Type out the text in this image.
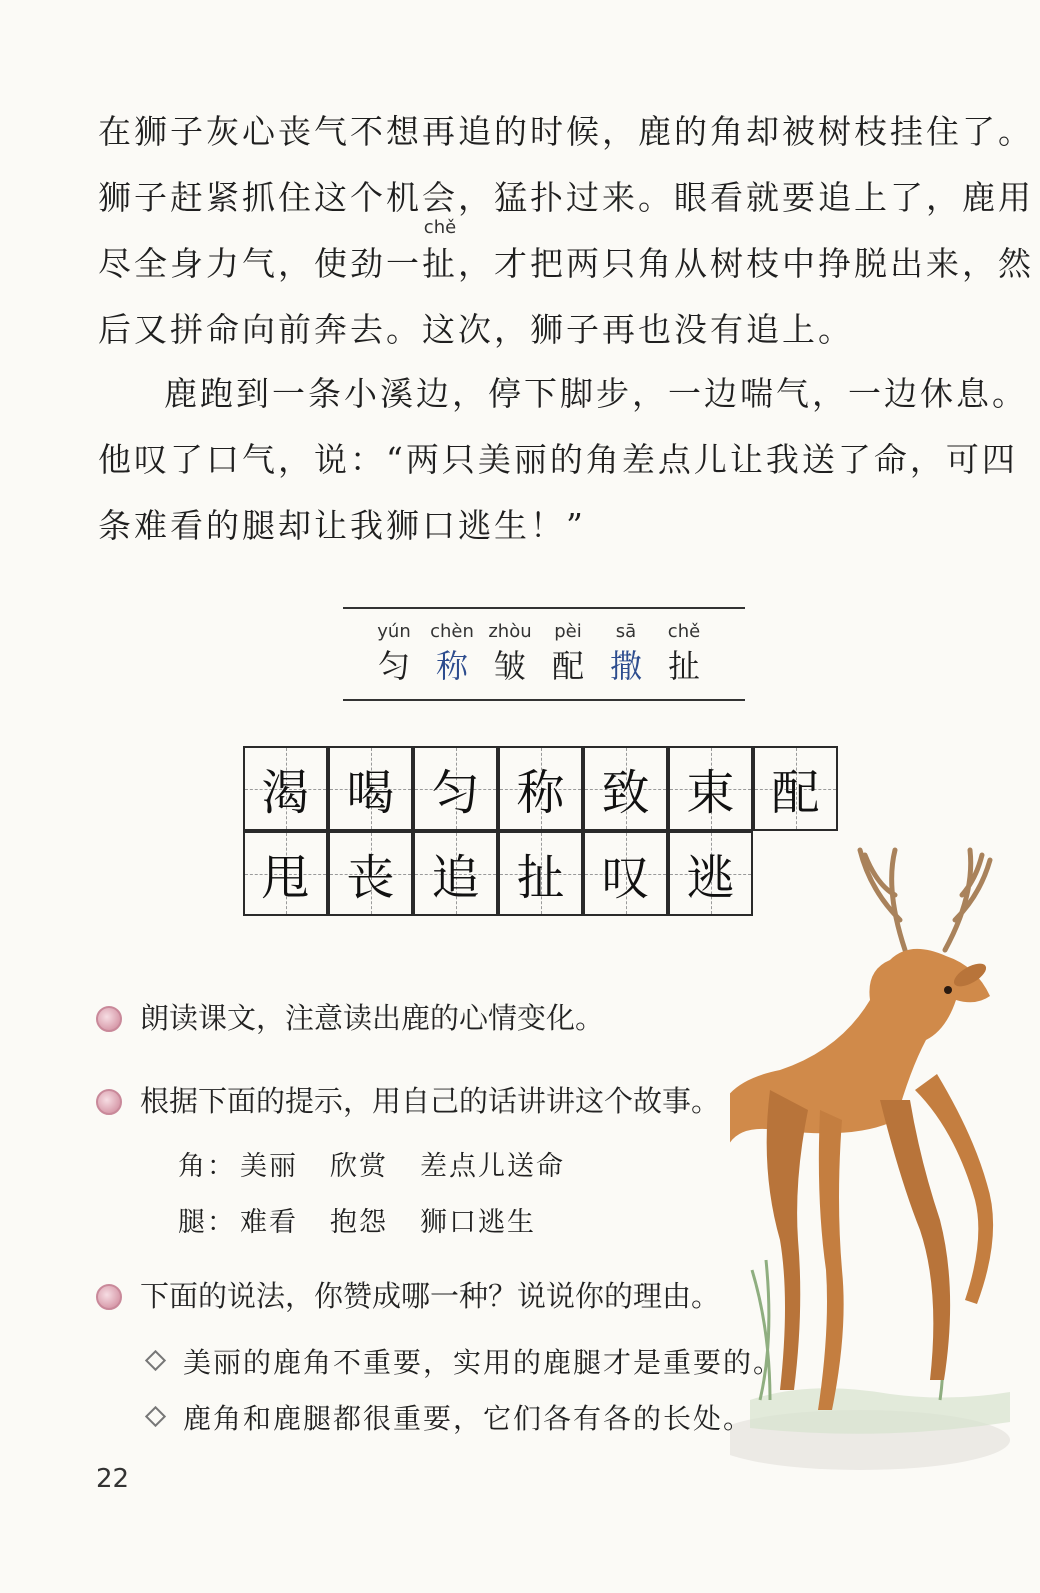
在狮子灰心丧气不想再追的时候，鹿的角却被树枝挂住了。
狮子赶紧抓住这个机会，猛扑过来。眼看就要追上了，鹿用
尽全身力气，使劲一
chě
扯，才把两只角从树枝中挣脱出来，然
后又拼命向前奔去。这次，狮子再也没有追上。
鹿跑到一条小溪边，停下脚步，一边喘气，一边休息。
他叹了口气，说：“两只美丽的角差点儿让我送了命，可四
条难看的腿却让我狮口逃生！”
yún
匀
chèn
称
zhòu
皱
pèi
配
sā
撒
chě
扯
渴 喝 匀 称 致 束 配
甩 丧 追 扯 叹 逃
朗读课文，注意读出鹿的心情变化。
根据下面的提示，用自己的话讲讲这个故事。
角： 美丽 欣赏 差点儿送命
腿： 难看 抱怨 狮口逃生
下面的说法，你赞成哪一种？说说你的理由。
美丽的鹿角不重要，实用的鹿腿才是重要的。
鹿角和鹿腿都很重要，它们各有各的长处。
22
